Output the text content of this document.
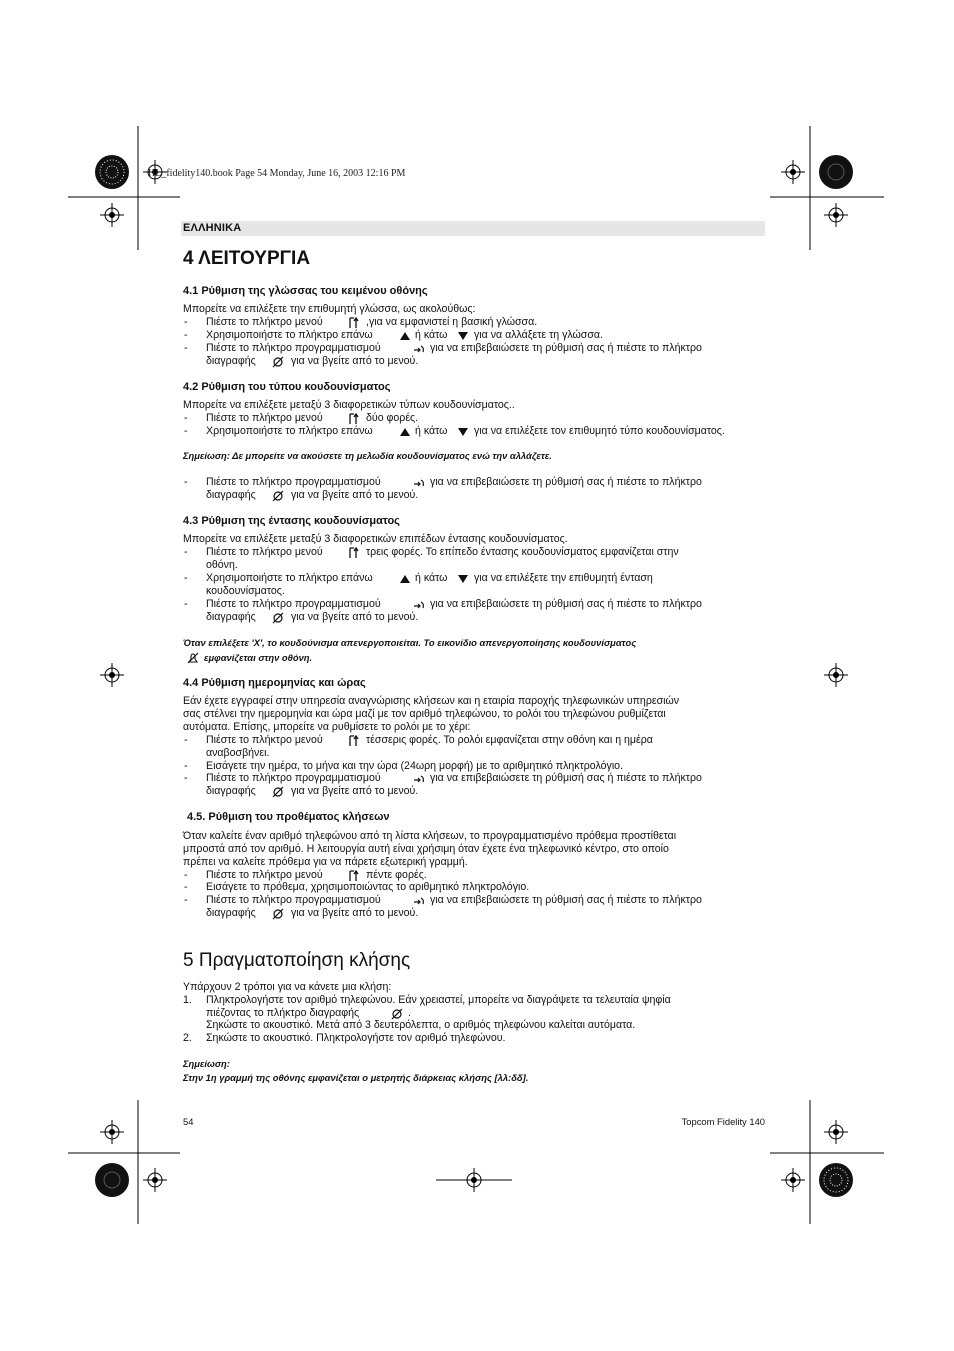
HL_fidelity140.book Page 54 Monday, June 16, 2003 12:16 PM
ΕΛΛΗΝΙΚΑ
4 ΛΕΙΤΟΥΡΓΙΑ
4.1 Ρύθμιση της γλώσσας του κειμένου οθόνης
Μπορείτε να επιλέξετε την επιθυμητή γλώσσα, ως ακολούθως:
- Πιέστε το πλήκτρο μενού	,για να εμφανιστεί η βασική γλώσσα.
- Χρησιμοποιήστε το πλήκτρο επάνω	ή κάτω	για να αλλάξετε τη γλώσσα.
- Πιέστε το πλήκτρο προγραμματισμού	για να επιβεβαιώσετε τη ρύθμισή σας ή πιέστε το πλήκτρο
διαγραφής	για να βγείτε από το μενού.
4.2 Ρύθμιση του τύπου κουδουνίσματος
Μπορείτε να επιλέξετε μεταξύ 3 διαφορετικών τύπων κουδουνίσματος..
- Πιέστε το πλήκτρο μενού	δύο φορές.
- Χρησιμοποιήστε το πλήκτρο επάνω	ή κάτω	για να επιλέξετε τον επιθυμητό τύπο κουδουνίσματος.
Σημείωση: Δε μπορείτε να ακούσετε τη μελωδία κουδουνίσματος ενώ την αλλάζετε.
- Πιέστε το πλήκτρο προγραμματισμού	για να επιβεβαιώσετε τη ρύθμισή σας ή πιέστε το πλήκτρο
διαγραφής	για να βγείτε από το μενού.
4.3 Ρύθμιση της έντασης κουδουνίσματος
Μπορείτε να επιλέξετε μεταξύ 3 διαφορετικών επιπέδων έντασης κουδουνίσματος.
- Πιέστε το πλήκτρο μενού	τρεις φορές. Το επίπεδο έντασης κουδουνίσματος εμφανίζεται στην
οθόνη.
- Χρησιμοποιήστε το πλήκτρο επάνω	ή κάτω	για να επιλέξετε την επιθυμητή ένταση
κουδουνίσματος.
- Πιέστε το πλήκτρο προγραμματισμού	για να επιβεβαιώσετε τη ρύθμισή σας ή πιέστε το πλήκτρο
διαγραφής	για να βγείτε από το μενού.
Όταν επιλέξετε 'X', το κουδούνισμα απενεργοποιείται. Το εικονίδιο απενεργοποίησης κουδουνίσματος
εμφανίζεται στην οθόνη.
4.4 Ρύθμιση ημερομηνίας και ώρας
Εάν έχετε εγγραφεί στην υπηρεσία αναγνώρισης κλήσεων και η εταιρία παροχής τηλεφωνικών υπηρεσιών
σας στέλνει την ημερομηνία και ώρα μαζί με τον αριθμό τηλεφώνου, το ρολόι του τηλεφώνου ρυθμίζεται
αυτόματα. Επίσης, μπορείτε να ρυθμίσετε το ρολόι με το χέρι:
- Πιέστε το πλήκτρο μενού	τέσσερις φορές. Το ρολόι εμφανίζεται στην οθόνη και η ημέρα
αναβοσβήνει.
- Εισάγετε την ημέρα, το μήνα και την ώρα (24ωρη μορφή) με το αριθμητικό πληκτρολόγιο.
- Πιέστε το πλήκτρο προγραμματισμού	για να επιβεβαιώσετε τη ρύθμισή σας ή πιέστε το πλήκτρο
διαγραφής	για να βγείτε από το μενού.
4.5. Ρύθμιση του προθέματος κλήσεων
Όταν καλείτε έναν αριθμό τηλεφώνου από τη λίστα κλήσεων, το προγραμματισμένο πρόθεμα προστίθεται
μπροστά από τον αριθμό. Η λειτουργία αυτή είναι χρήσιμη όταν έχετε ένα τηλεφωνικό κέντρο, στο οποίο
πρέπει να καλείτε πρόθεμα για να πάρετε εξωτερική γραμμή.
- Πιέστε το πλήκτρο μενού	πέντε φορές.
- Εισάγετε το πρόθεμα, χρησιμοποιώντας το αριθμητικό πληκτρολόγιο.
- Πιέστε το πλήκτρο προγραμματισμού	για να επιβεβαιώσετε τη ρύθμισή σας ή πιέστε το πλήκτρο
διαγραφής	για να βγείτε από το μενού.
5 Πραγματοποίηση κλήσης
Υπάρχουν 2 τρόποι για να κάνετε μια κλήση:
1. Πληκτρολογήστε τον αριθμό τηλεφώνου. Εάν χρειαστεί, μπορείτε να διαγράψετε τα τελευταία ψηφία
πιέζοντας το πλήκτρο διαγραφής	.
Σηκώστε το ακουστικό. Μετά από 3 δευτερόλεπτα, ο αριθμός τηλεφώνου καλείται αυτόματα.
2. Σηκώστε το ακουστικό. Πληκτρολογήστε τον αριθμό τηλεφώνου.
Σημείωση:
Στην 1η γραμμή της οθόνης εμφανίζεται ο μετρητής διάρκειας κλήσης [λλ:δδ].
54	Topcom Fidelity 140
